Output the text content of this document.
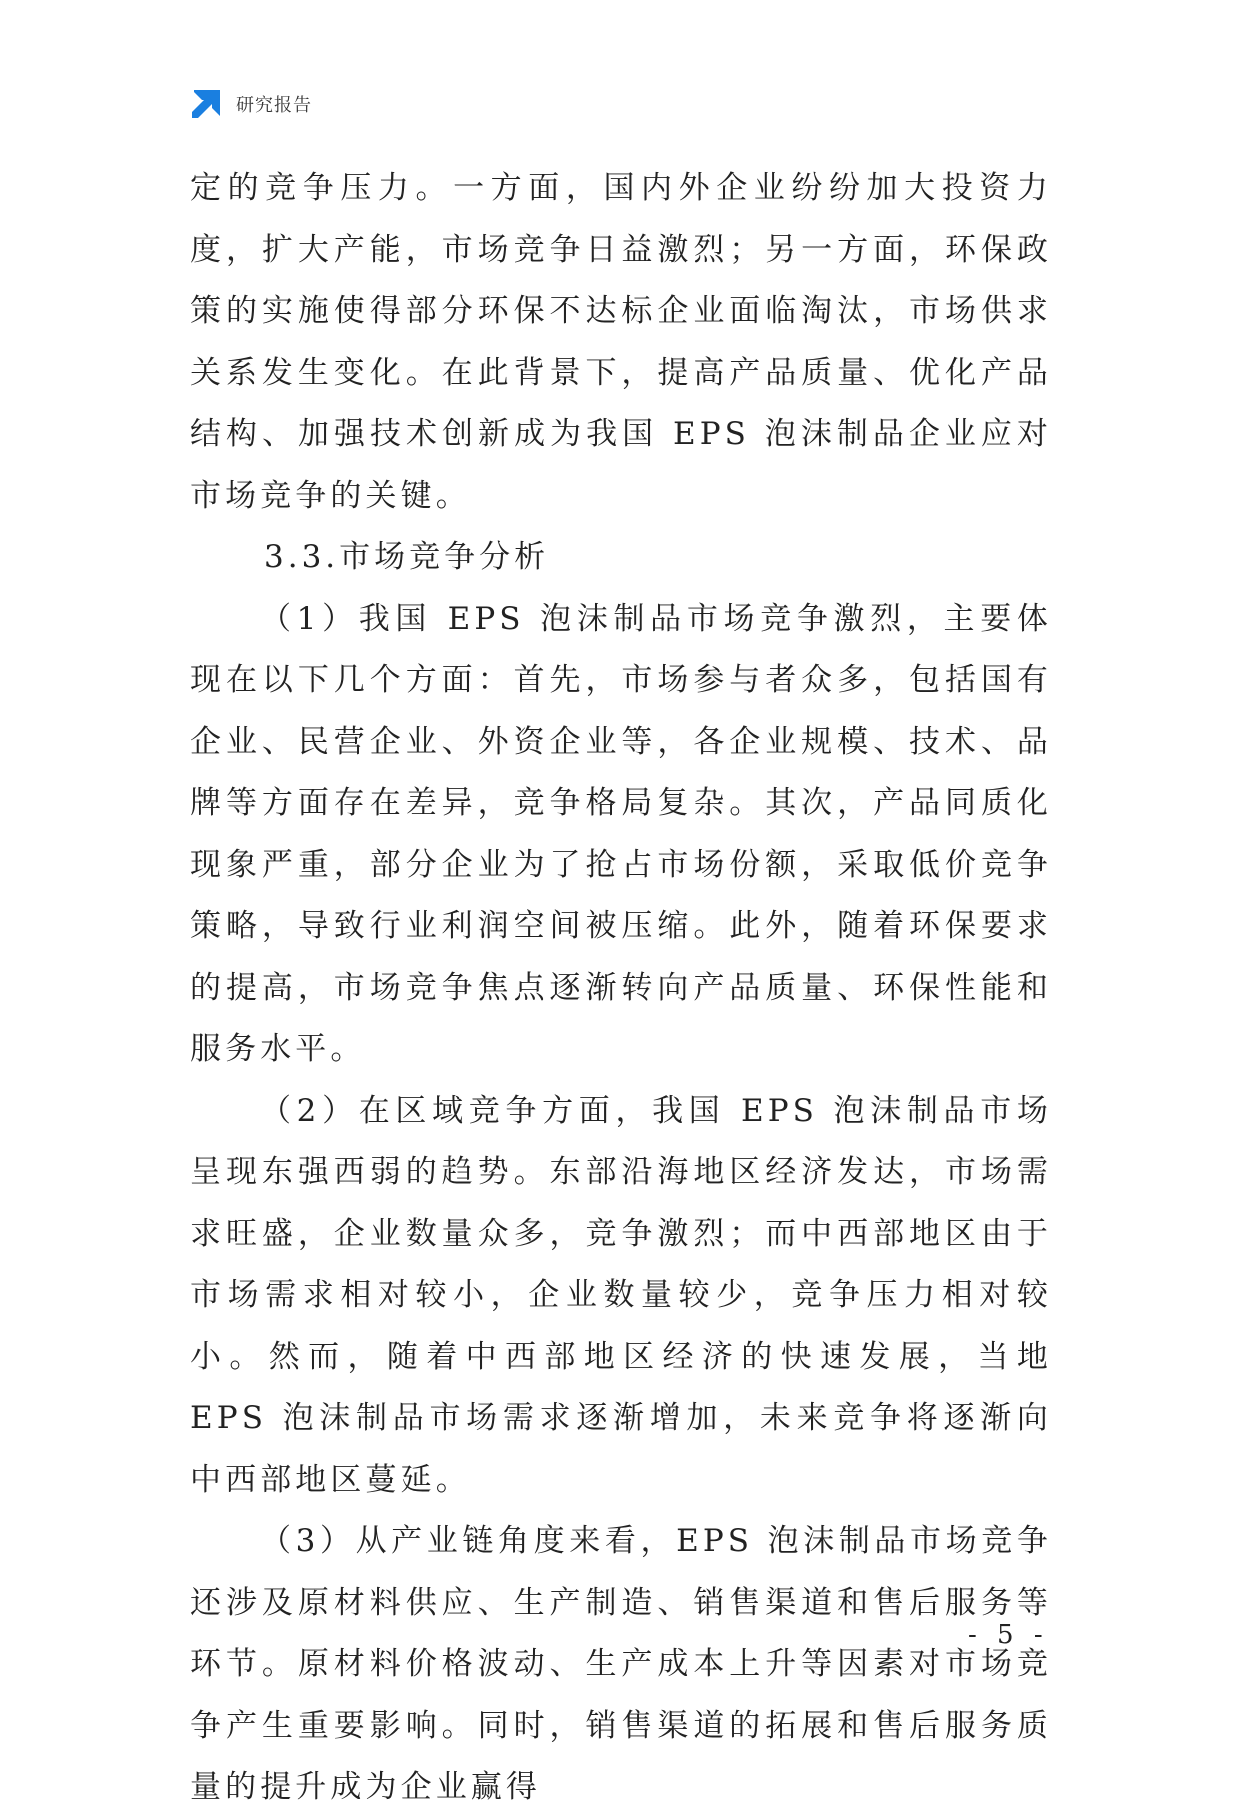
研究报告

定的竞争压力。一方面，国内外企业纷纷加大投资力度，扩大产能，市场竞争日益激烈；另一方面，环保政策的实施使得部分环保不达标企业面临淘汰，市场供求关系发生变化。在此背景下，提高产品质量、优化产品结构、加强技术创新成为我国 EPS 泡沫制品企业应对市场竞争的关键。

3.3.市场竞争分析

（1）我国 EPS 泡沫制品市场竞争激烈，主要体现在以下几个方面：首先，市场参与者众多，包括国有企业、民营企业、外资企业等，各企业规模、技术、品牌等方面存在差异，竞争格局复杂。其次，产品同质化现象严重，部分企业为了抢占市场份额，采取低价竞争策略，导致行业利润空间被压缩。此外，随着环保要求的提高，市场竞争焦点逐渐转向产品质量、环保性能和服务水平。

（2）在区域竞争方面，我国 EPS 泡沫制品市场呈现东强西弱的趋势。东部沿海地区经济发达，市场需求旺盛，企业数量众多，竞争激烈；而中西部地区由于市场需求相对较小，企业数量较少，竞争压力相对较小。然而，随着中西部地区经济的快速发展，当地 EPS 泡沫制品市场需求逐渐增加，未来竞争将逐渐向中西部地区蔓延。

（3）从产业链角度来看，EPS 泡沫制品市场竞争还涉及原材料供应、生产制造、销售渠道和售后服务等环节。原材料价格波动、生产成本上升等因素对市场竞争产生重要影响。同时，销售渠道的拓展和售后服务质量的提升成为企业赢得

- 5 -
